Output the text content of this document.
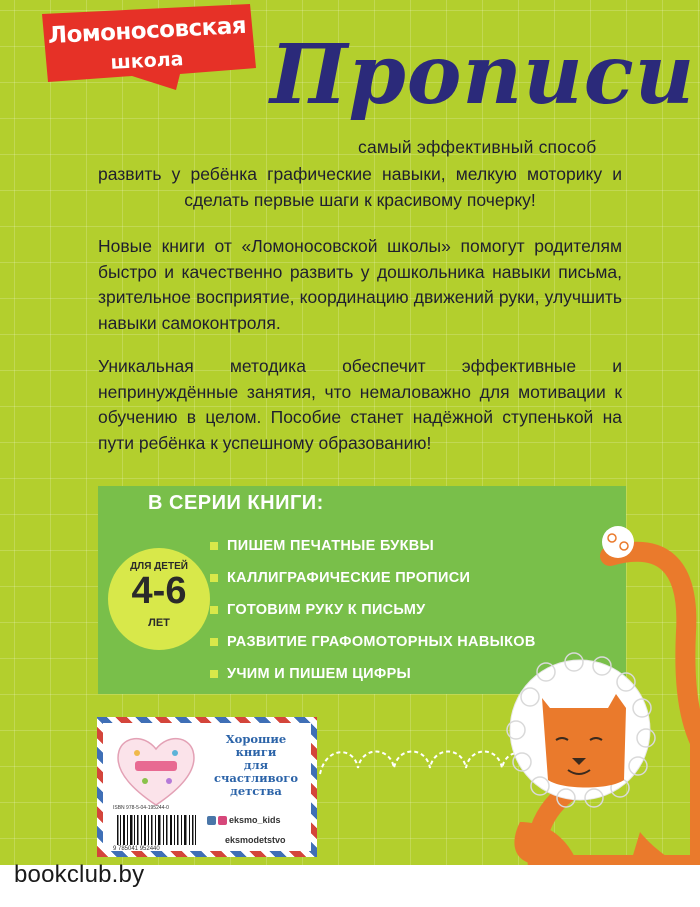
Ломоносовская
школа	Прописи
самый эффективный способ
развить у ребёнка графические навыки, мелкую моторику и сделать первые шаги к красивому почерку!
Новые книги от «Ломоносовской школы» помогут родителям быстро и качественно развить у дошкольника навыки письма, зрительное восприятие, координацию движений руки, улучшить навыки самоконтроля.
Уникальная методика обеспечит эффективные и непринуждённые занятия, что немаловажно для мотивации к обучению в целом. Пособие станет надёжной ступенькой на пути ребёнка к успешному образованию!
В СЕРИИ КНИГИ:
ПИШЕМ ПЕЧАТНЫЕ БУКВЫ
КАЛЛИГРАФИЧЕСКИЕ ПРОПИСИ
ГОТОВИМ РУКУ К ПИСЬМУ
РАЗВИТИЕ ГРАФОМОТОРНЫХ НАВЫКОВ
УЧИМ И ПИШЕМ ЦИФРЫ
ДЛЯ ДЕТЕЙ
4-6
ЛЕТ
ISBN 978-5-04-195244-0
9 785041 952440
Хорошие
книги
для счастливого
детства
eksmo_kids
eksmodetstvo
bookclub.by
